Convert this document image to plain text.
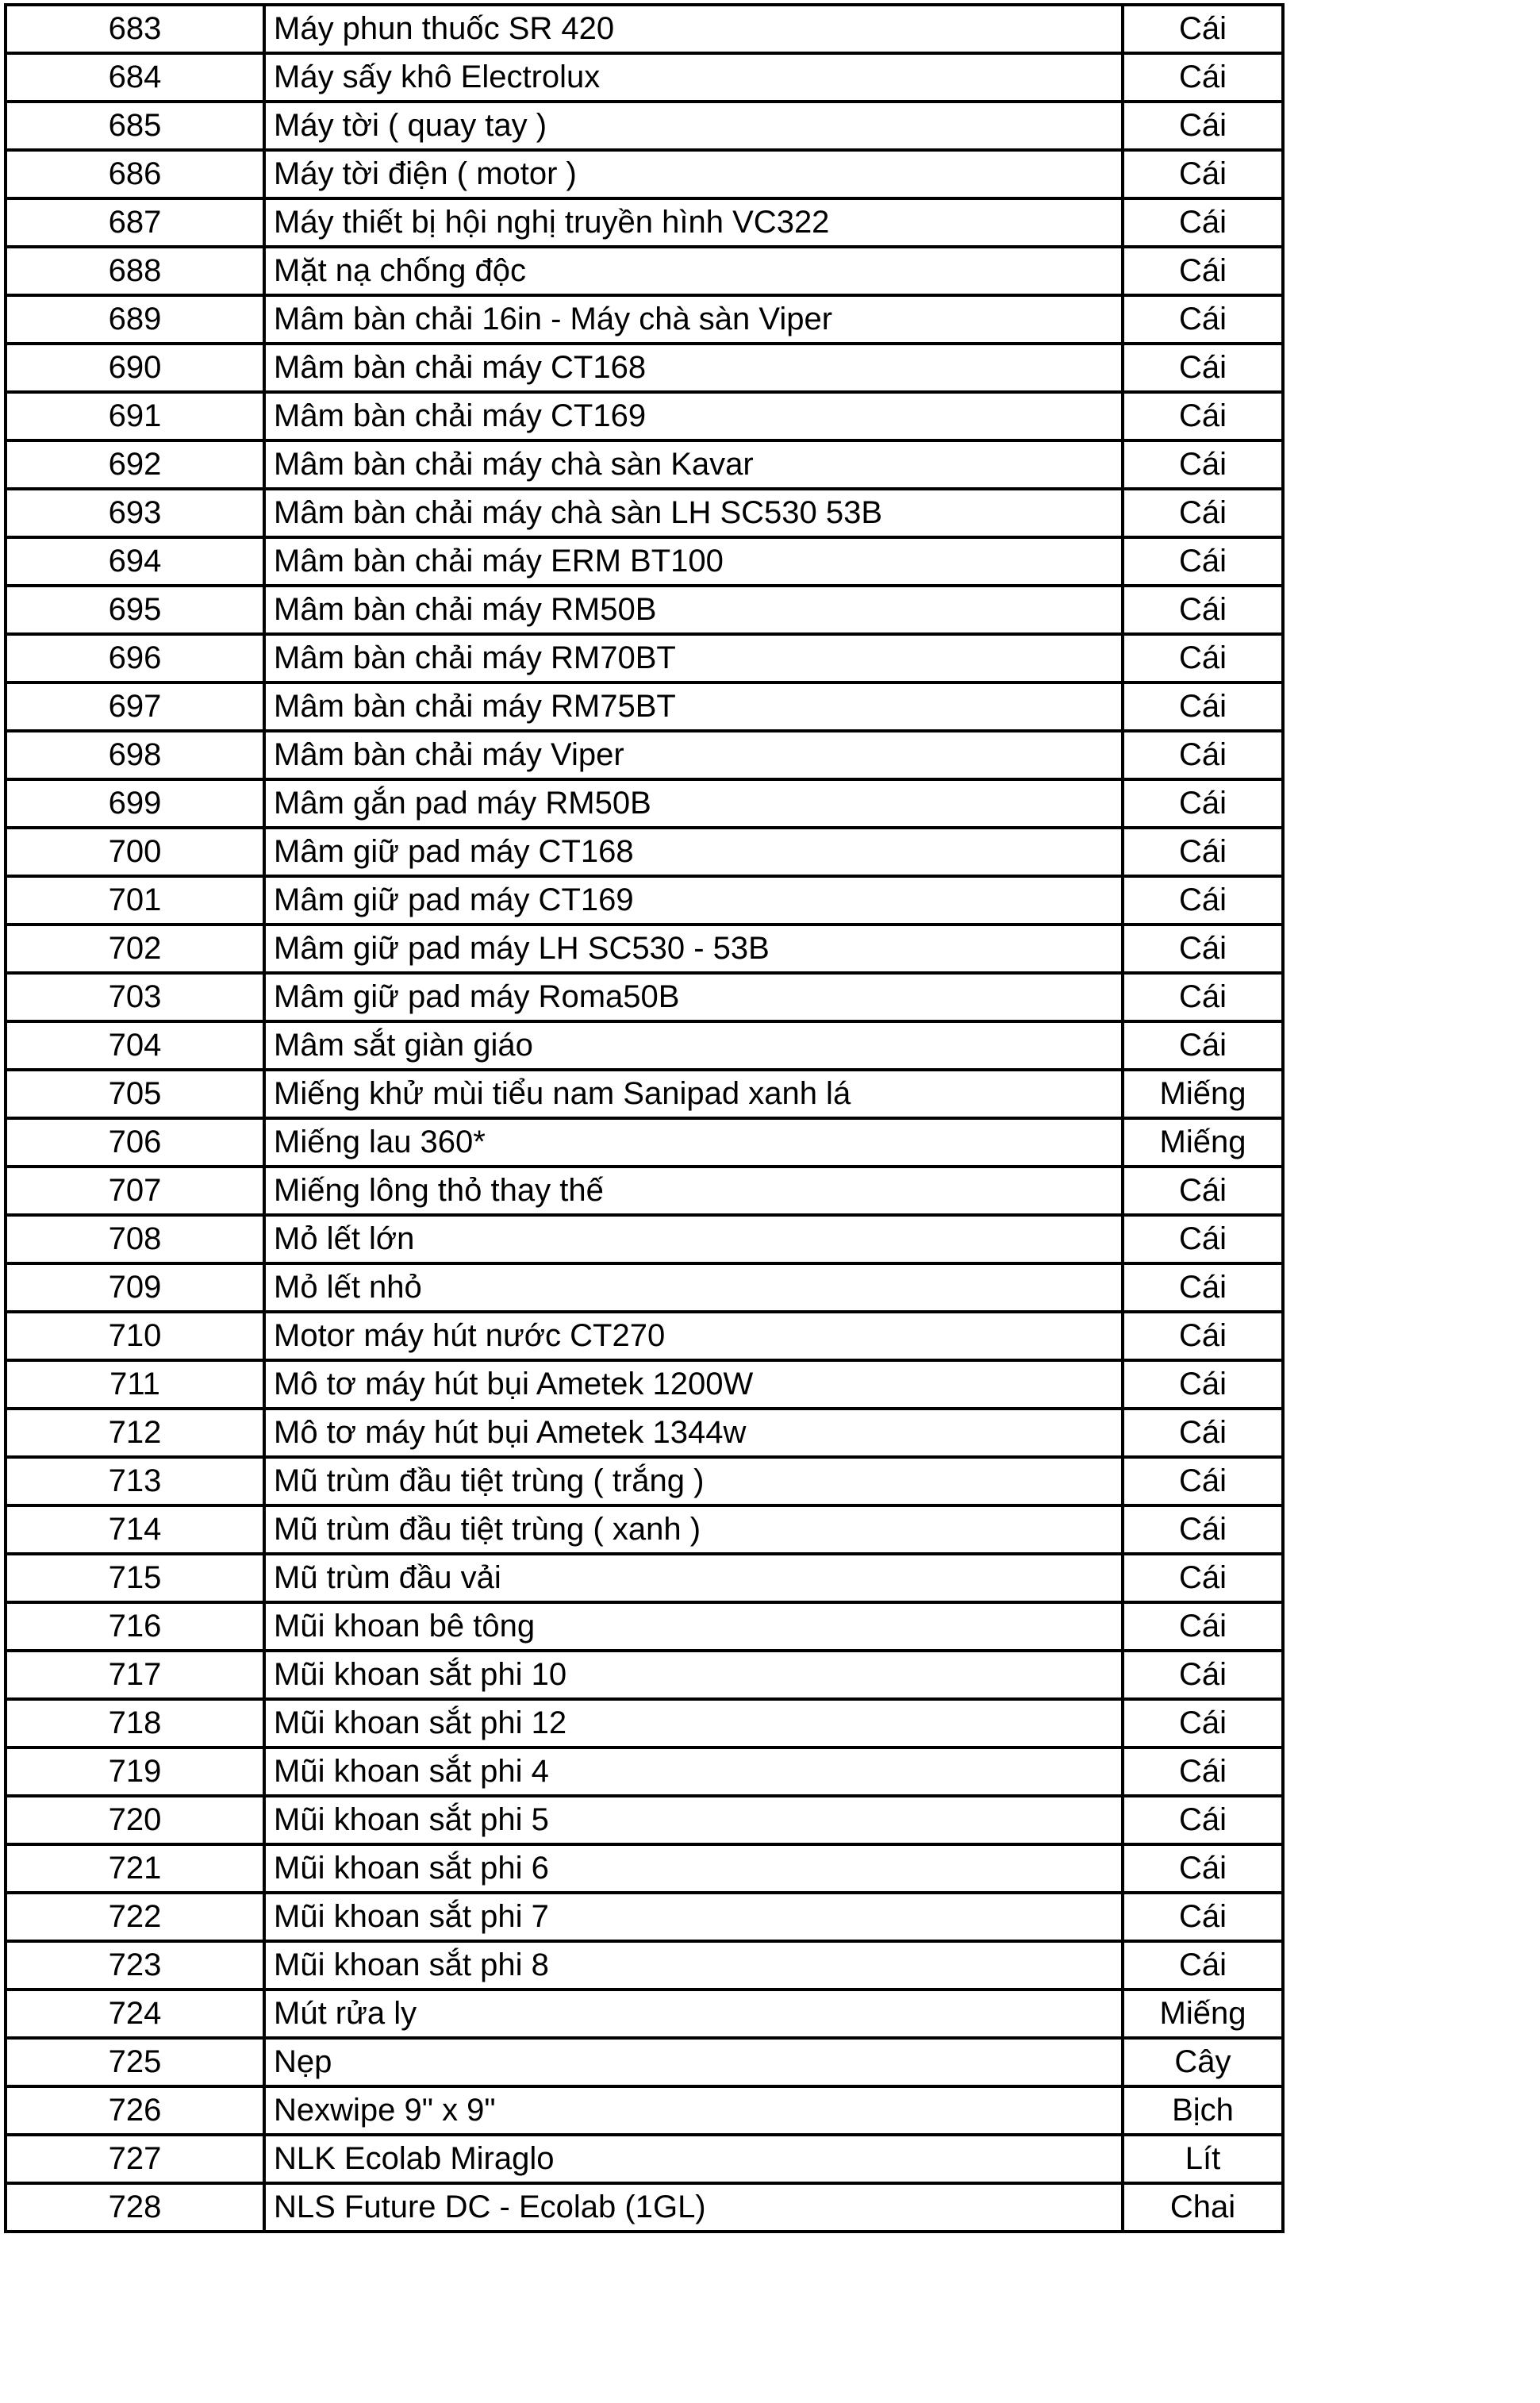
683	Máy phun thuốc SR 420	Cái
684	Máy sấy khô Electrolux	Cái
685	Máy tời ( quay tay )	Cái
686	Máy tời điện ( motor )	Cái
687	Máy thiết bị hội nghị truyền hình VC322	Cái
688	Mặt nạ chống độc	Cái
689	Mâm bàn chải 16in - Máy chà sàn Viper	Cái
690	Mâm bàn chải máy CT168	Cái
691	Mâm bàn chải máy CT169	Cái
692	Mâm bàn chải máy chà sàn Kavar	Cái
693	Mâm bàn chải máy chà sàn LH SC530 53B	Cái
694	Mâm bàn chải máy ERM BT100	Cái
695	Mâm bàn chải máy RM50B	Cái
696	Mâm bàn chải máy RM70BT	Cái
697	Mâm bàn chải máy RM75BT	Cái
698	Mâm bàn chải máy Viper	Cái
699	Mâm gắn pad máy RM50B	Cái
700	Mâm giữ pad máy CT168	Cái
701	Mâm giữ pad máy CT169	Cái
702	Mâm giữ pad máy LH SC530 - 53B	Cái
703	Mâm giữ pad máy Roma50B	Cái
704	Mâm sắt giàn giáo	Cái
705	Miếng khử mùi tiểu nam Sanipad xanh lá	Miếng
706	Miếng lau 360*	Miếng
707	Miếng lông thỏ thay thế	Cái
708	Mỏ lết lớn	Cái
709	Mỏ lết nhỏ	Cái
710	Motor máy hút nước CT270	Cái
711	Mô tơ máy hút bụi Ametek 1200W	Cái
712	Mô tơ máy hút bụi Ametek 1344w	Cái
713	Mũ trùm đầu tiệt trùng ( trắng )	Cái
714	Mũ trùm đầu tiệt trùng ( xanh )	Cái
715	Mũ trùm đầu vải	Cái
716	Mũi khoan bê tông	Cái
717	Mũi khoan sắt phi 10	Cái
718	Mũi khoan sắt phi 12	Cái
719	Mũi khoan sắt phi 4	Cái
720	Mũi khoan sắt phi 5	Cái
721	Mũi khoan sắt phi 6	Cái
722	Mũi khoan sắt phi 7	Cái
723	Mũi khoan sắt phi 8	Cái
724	Mút rửa ly	Miếng
725	Nẹp	Cây
726	Nexwipe 9" x 9"	Bịch
727	NLK Ecolab Miraglo	Lít
728	NLS Future DC - Ecolab (1GL)	Chai
